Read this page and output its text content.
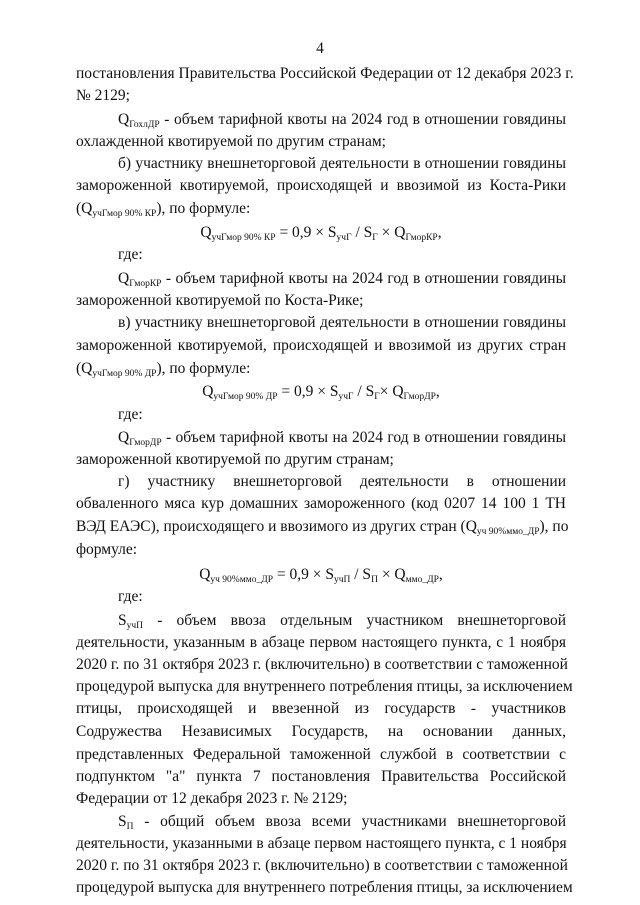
4
постановления Правительства Российской Федерации от 12 декабря 2023 г.
№ 2129;
$Q_{ГохлДР}$ - объем тарифной квоты на 2024 год в отношении говядины
охлажденной квотируемой по другим странам;
б) участнику внешнеторговой деятельности в отношении говядины
замороженной квотируемой, происходящей и ввозимой из Коста-Рики
$(Q_{учГмор 90\% КР})$, по формуле:
$Q_{учГмор 90\% КР} = 0,9 \times S_{учГ} / S_Г \times Q_{ГморКР}$,
где:
$Q_{ГморКР}$ - объем тарифной квоты на 2024 год в отношении говядины
замороженной квотируемой по Коста-Рике;
в) участнику внешнеторговой деятельности в отношении говядины
замороженной квотируемой, происходящей и ввозимой из других стран
$(Q_{учГмор 90\% ДР})$, по формуле:
$Q_{учГмор 90\% ДР} = 0,9 \times S_{учГ} / S_Г\times Q_{ГморДР}$,
где:
$Q_{ГморДР}$ - объем тарифной квоты на 2024 год в отношении говядины
замороженной квотируемой по другим странам;
г) участнику внешнеторговой деятельности в отношении
обваленного мяса кур домашних замороженного (код 0207 14 100 1 ТН
ВЭД ЕАЭС), происходящего и ввозимого из других стран $(Q_{уч 90\%ммо\_ДР})$, по
формуле:
$Q_{уч 90\%ммо\_ДР} = 0,9 \times S_{учП} / S_П \times Q_{ммо\_ДР}$,
где:
$S_{учП}$ - объем ввоза отдельным участником внешнеторговой
деятельности, указанным в абзаце первом настоящего пункта, с 1 ноября
2020 г. по 31 октября 2023 г. (включительно) в соответствии с таможенной
процедурой выпуска для внутреннего потребления птицы, за исключением
птицы, происходящей и ввезенной из государств - участников
Содружества Независимых Государств, на основании данных,
представленных Федеральной таможенной службой в соответствии с
подпунктом "а" пункта 7 постановления Правительства Российской
Федерации от 12 декабря 2023 г. № 2129;
$S_П$ - общий объем ввоза всеми участниками внешнеторговой
деятельности, указанными в абзаце первом настоящего пункта, с 1 ноября
2020 г. по 31 октября 2023 г. (включительно) в соответствии с таможенной
процедурой выпуска для внутреннего потребления птицы, за исключением
